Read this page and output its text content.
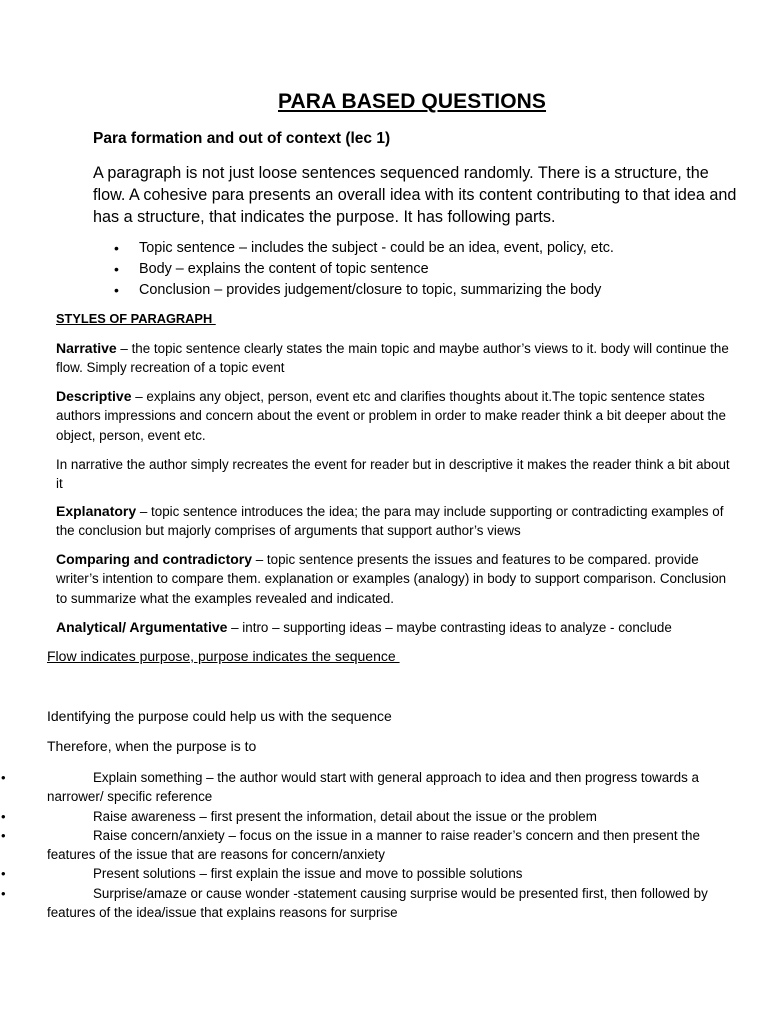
PARA BASED QUESTIONS
Para formation and out of context (lec 1)
A paragraph is not just loose sentences sequenced randomly. There is a structure, the flow. A cohesive para presents an overall idea with its content contributing to that idea and has a structure, that indicates the purpose. It has following parts.
• Topic sentence – includes the subject - could be an idea, event, policy, etc.
• Body – explains the content of topic sentence
• Conclusion – provides judgement/closure to topic, summarizing the body
STYLES OF PARAGRAPH
Narrative – the topic sentence clearly states the main topic and maybe author’s views to it. body will continue the flow. Simply recreation of a topic event
Descriptive – explains any object, person, event etc and clarifies thoughts about it.The topic sentence states authors impressions and concern about the event or problem in order to make reader think a bit deeper about the object, person, event etc.
In narrative the author simply recreates the event for reader but in descriptive it makes the reader think a bit about it
Explanatory – topic sentence introduces the idea; the para may include supporting or contradicting examples of the conclusion but majorly comprises of arguments that support author’s views
Comparing and contradictory – topic sentence presents the issues and features to be compared. provide writer’s intention to compare them. explanation or examples (analogy) in body to support comparison. Conclusion to summarize what the examples revealed and indicated.
Analytical/ Argumentative – intro – supporting ideas – maybe contrasting ideas to analyze - conclude
Flow indicates purpose, purpose indicates the sequence
Identifying the purpose could help us with the sequence
Therefore, when the purpose is to
•	Explain something – the author would start with general approach to idea and then progress towards a narrower/ specific reference
•	Raise awareness – first present the information, detail about the issue or the problem
•	Raise concern/anxiety – focus on the issue in a manner to raise reader’s concern and then present the features of the issue that are reasons for concern/anxiety
•	Present solutions – first explain the issue and move to possible solutions
•	Surprise/amaze or cause wonder -statement causing surprise would be presented first, then followed by features of the idea/issue that explains reasons for surprise
